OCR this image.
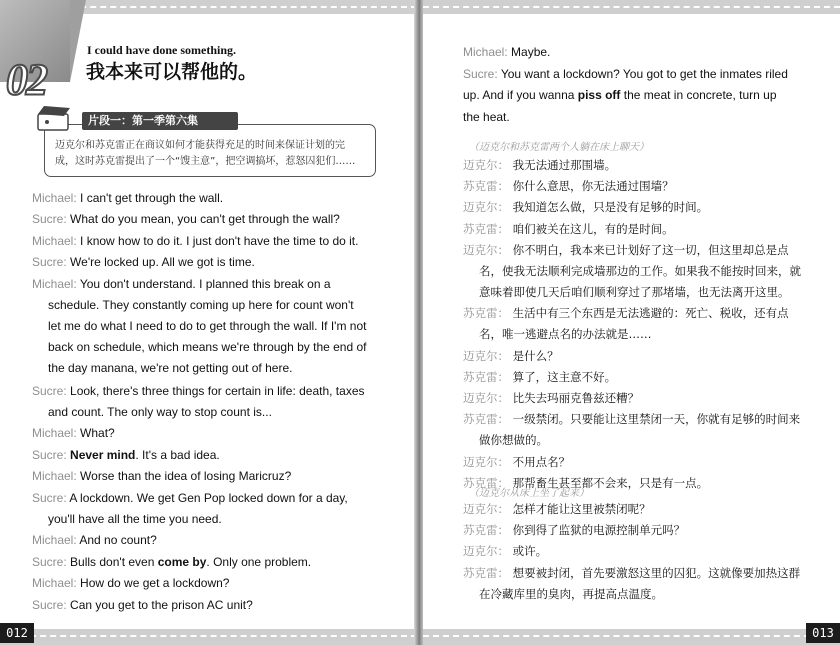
02
I could have done something.
我本来可以帮他的。
片段一：第一季第六集
迈克尔和苏克雷正在商议如何才能获得充足的时间来保证计划的完
成，这时苏克雷提出了一个“馊主意”，把空调搞坏，惹怒囚犯们……
Michael: I can't get through the wall.
Sucre: What do you mean, you can't get through the wall?
Michael: I know how to do it. I just don't have the time to do it.
Sucre: We're locked up. All we got is time.
Michael: You don't understand. I planned this break on a
schedule. They constantly coming up here for count won't
let me do what I need to do to get through the wall. If I'm not
back on schedule, which means we're through by the end of
the day manana, we're not getting out of here.
Sucre: Look, there's three things for certain in life: death, taxes
and count. The only way to stop count is...
Michael: What?
Sucre: Never mind. It's a bad idea.
Michael: Worse than the idea of losing Maricruz?
Sucre: A lockdown. We get Gen Pop locked down for a day,
you'll have all the time you need.
Michael: And no count?
Sucre: Bulls don't even come by. Only one problem.
Michael: How do we get a lockdown?
Sucre: Can you get to the prison AC unit?
012
Michael: Maybe.
Sucre: You want a lockdown? You got to get the inmates riled
up. And if you wanna piss off the meat in concrete, turn up
the heat.
（迈克尔和苏克雷两个人躺在床上聊天）
迈克尔： 我无法通过那围墙。
苏克雷： 你什么意思，你无法通过围墙？
迈克尔： 我知道怎么做，只是没有足够的时间。
苏克雷： 咱们被关在这儿，有的是时间。
迈克尔： 你不明白，我本来已计划好了这一切，但这里却总是点
名，使我无法顺利完成墙那边的工作。如果我不能按时回来，就
意味着即使几天后咱们顺利穿过了那堵墙，也无法离开这里。
苏克雷： 生活中有三个东西是无法逃避的：死亡、税收，还有点
名，唯一逃避点名的办法就是……
迈克尔： 是什么？
苏克雷： 算了，这主意不好。
迈克尔： 比失去玛丽克鲁兹还糟？
苏克雷： 一级禁闭。只要能让这里禁闭一天，你就有足够的时间来
做你想做的。
迈克尔： 不用点名？
苏克雷： 那帮畜生甚至都不会来，只是有一点。
（迈克尔从床上坐了起来）
迈克尔： 怎样才能让这里被禁闭呢？
苏克雷： 你到得了监狱的电源控制单元吗？
迈克尔： 或许。
苏克雷： 想要被封闭，首先要激怒这里的囚犯。这就像要加热这群
在冷藏库里的臭肉，再提高点温度。
013
